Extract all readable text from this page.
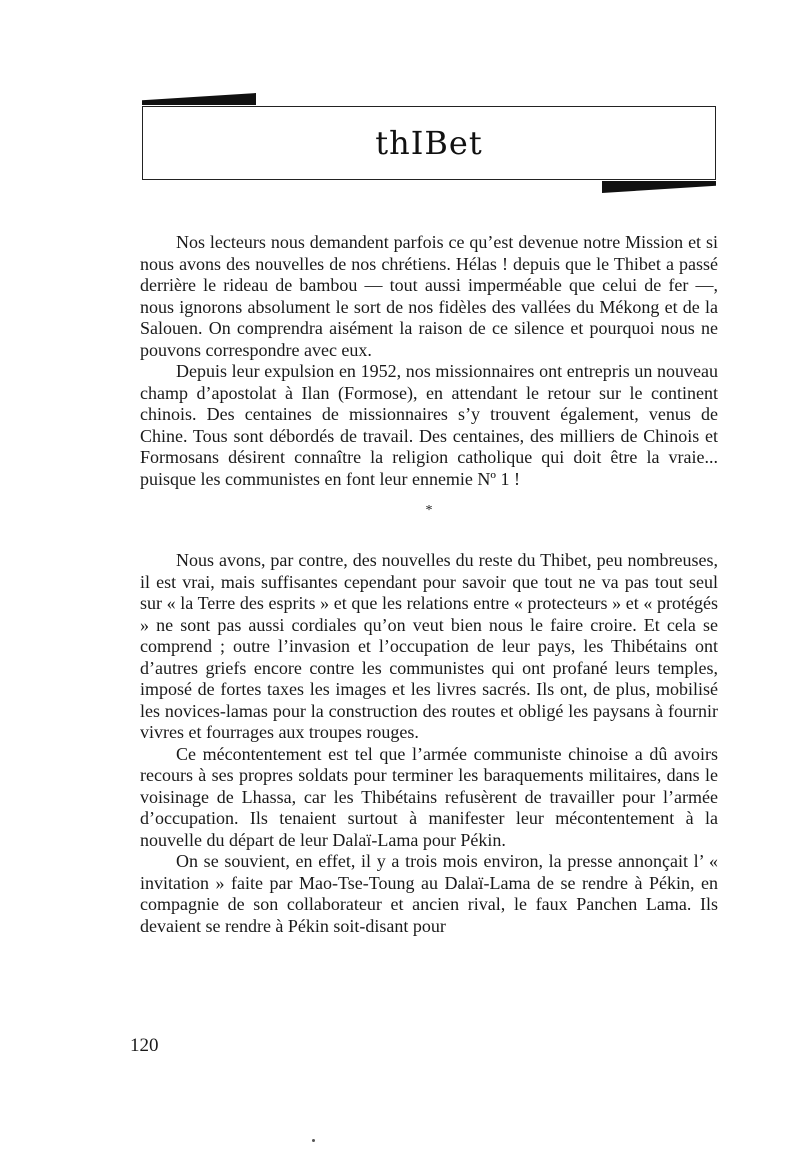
thIBet

Nos lecteurs nous demandent parfois ce qu’est devenue notre Mission et si nous avons des nouvelles de nos chrétiens. Hélas ! depuis que le Thibet a passé derrière le rideau de bambou — tout aussi imperméable que celui de fer —, nous ignorons absolument le sort de nos fidèles des vallées du Mékong et de la Salouen. On comprendra aisément la raison de ce silence et pourquoi nous ne pouvons correspondre avec eux.

Depuis leur expulsion en 1952, nos missionnaires ont entrepris un nouveau champ d’apostolat à Ilan (Formose), en attendant le retour sur le continent chinois. Des centaines de missionnaires s’y trouvent également, venus de Chine. Tous sont débordés de travail. Des centaines, des milliers de Chinois et Formosans désirent connaître la religion catholique qui doit être la vraie... puisque les communistes en font leur ennemie Nº 1 !

*

Nous avons, par contre, des nouvelles du reste du Thibet, peu nombreuses, il est vrai, mais suffisantes cependant pour savoir que tout ne va pas tout seul sur « la Terre des esprits » et que les relations entre « protecteurs » et « protégés » ne sont pas aussi cordiales qu’on veut bien nous le faire croire. Et cela se comprend ; outre l’invasion et l’occupation de leur pays, les Thibétains ont d’autres griefs encore contre les communistes qui ont profané leurs temples, imposé de fortes taxes les images et les livres sacrés. Ils ont, de plus, mobilisé les novices-lamas pour la construction des routes et obligé les paysans à fournir vivres et fourrages aux troupes rouges.

Ce mécontentement est tel que l’armée communiste chinoise a dû avoirs recours à ses propres soldats pour terminer les baraquements militaires, dans le voisinage de Lhassa, car les Thibétains refusèrent de travailler pour l’armée d’occupation. Ils tenaient surtout à manifester leur mécontentement à la nouvelle du départ de leur Dalaï-Lama pour Pékin.

On se souvient, en effet, il y a trois mois environ, la presse annonçait l’ « invitation » faite par Mao-Tse-Toung au Dalaï-Lama de se rendre à Pékin, en compagnie de son collaborateur et ancien rival, le faux Panchen Lama. Ils devaient se rendre à Pékin soit-disant pour

120
